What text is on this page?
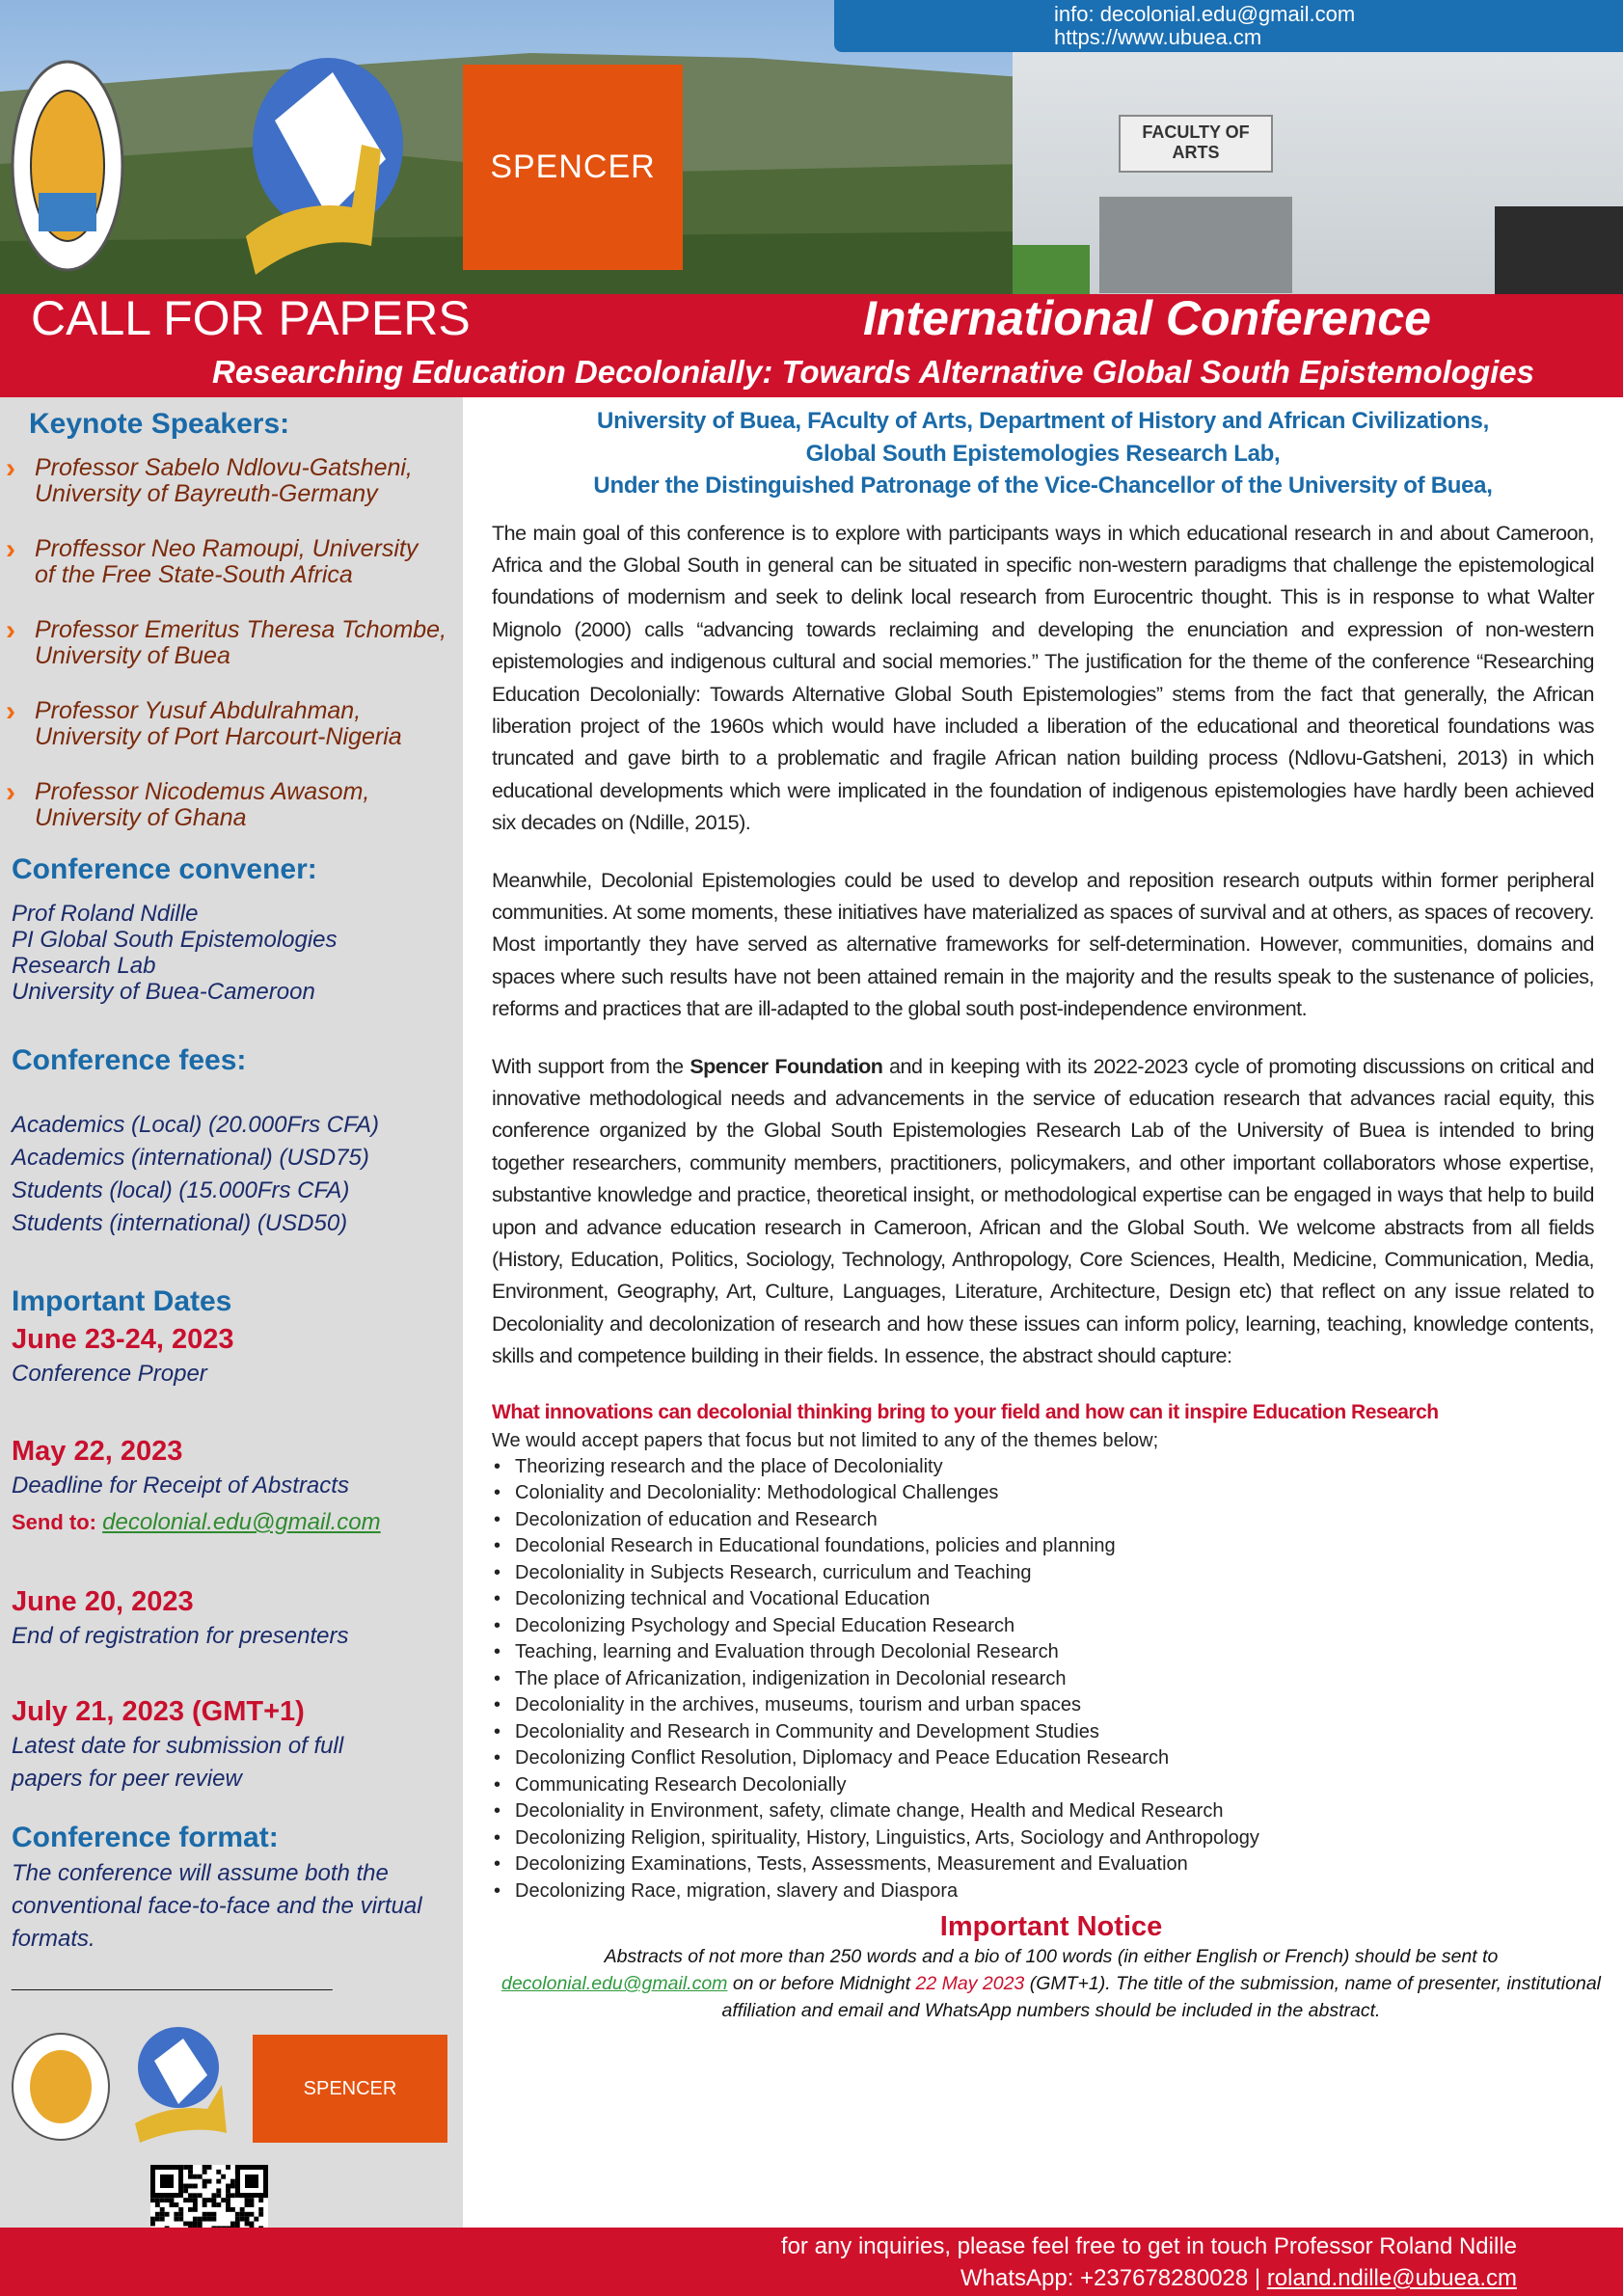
SPENCER
FACULTY OF ARTS
info: decolonial.edu@gmail.com
https://www.ubuea.cm
CALL FOR PAPERS	International Conference
Researching Education Decolonially: Towards Alternative Global South Epistemologies
Keynote Speakers:
› Professor Sabelo Ndlovu-Gatsheni,
University of Bayreuth-Germany
› Proffessor Neo Ramoupi, University
of the Free State-South Africa
› Professor Emeritus Theresa Tchombe,
University of Buea
› Professor Yusuf Abdulrahman,
University of Port Harcourt-Nigeria
› Professor Nicodemus Awasom,
University of Ghana
Conference convener:
Prof Roland Ndille
PI Global South Epistemologies
Research Lab
University of Buea-Cameroon
Conference fees:
Academics (Local) (20.000Frs CFA)
Academics (international) (USD75)
Students (local) (15.000Frs CFA)
Students (international) (USD50)
Important Dates
June 23-24, 2023
Conference Proper
May 22, 2023
Deadline for Receipt of Abstracts
Send to: decolonial.edu@gmail.com
June 20, 2023
End of registration for presenters
July 21, 2023 (GMT+1)
Latest date for submission of full papers for peer review
Conference format:
The conference will assume both the conventional face-to-face and the virtual formats.
_______________________
SPENCER
University of Buea, FAculty of Arts, Department of History and African Civilizations,
Global South Epistemologies Research Lab,
Under the Distinguished Patronage of the Vice-Chancellor of the University of Buea,

The main goal of this conference is to explore with participants ways in which educational research in and about Cameroon, Africa and the Global South in general can be situated in specific non-western paradigms that challenge the epistemological foundations of modernism and seek to delink local research from Eurocentric thought. This is in response to what Walter Mignolo (2000) calls “advancing towards reclaiming and developing the enunciation and expression of non-western epistemologies and indigenous cultural and social memories.” The justification for the theme of the conference “Researching Education Decolonially: Towards Alternative Global South Epistemologies” stems from the fact that generally, the African liberation project of the 1960s which would have included a liberation of the educational and theoretical foundations was truncated and gave birth to a problematic and fragile African nation building process (Ndlovu-Gatsheni, 2013) in which educational developments which were implicated in the foundation of indigenous epistemologies have hardly been achieved six decades on (Ndille, 2015).

Meanwhile, Decolonial Epistemologies could be used to develop and reposition research outputs within former peripheral communities. At some moments, these initiatives have materialized as spaces of survival and at others, as spaces of recovery. Most importantly they have served as alternative frameworks for self-determination. However, communities, domains and spaces where such results have not been attained remain in the majority and the results speak to the sustenance of policies, reforms and practices that are ill-adapted to the global south post-independence environment.

With support from the Spencer Foundation and in keeping with its 2022-2023 cycle of promoting discussions on critical and innovative methodological needs and advancements in the service of education research that advances racial equity, this conference organized by the Global South Epistemologies Research Lab of the University of Buea is intended to bring together researchers, community members, practitioners, policymakers, and other important collaborators whose expertise, substantive knowledge and practice, theoretical insight, or methodological expertise can be engaged in ways that help to build upon and advance education research in Cameroon, African and the Global South. We welcome abstracts from all fields (History, Education, Politics, Sociology, Technology, Anthropology, Core Sciences, Health, Medicine, Communication, Media, Environment, Geography, Art, Culture, Languages, Literature, Architecture, Design etc) that reflect on any issue related to Decoloniality and decolonization of research and how these issues can inform policy, learning, teaching, knowledge contents, skills and competence building in their fields. In essence, the abstract should capture:

What innovations can decolonial thinking bring to your field and how can it inspire Education Research
We would accept papers that focus but not limited to any of the themes below;
• Theorizing research and the place of Decoloniality
• Coloniality and Decoloniality: Methodological Challenges
• Decolonization of education and Research
• Decolonial Research in Educational foundations, policies and planning
• Decoloniality in Subjects Research, curriculum and Teaching
• Decolonizing technical and Vocational Education
• Decolonizing Psychology and Special Education Research
• Teaching, learning and Evaluation through Decolonial Research
• The place of Africanization, indigenization in Decolonial research
• Decoloniality in the archives, museums, tourism and urban spaces
• Decoloniality and Research in Community and Development Studies
• Decolonizing Conflict Resolution, Diplomacy and Peace Education Research
• Communicating Research Decolonially
• Decoloniality in Environment, safety, climate change, Health and Medical Research
• Decolonizing Religion, spirituality, History, Linguistics, Arts, Sociology and Anthropology
• Decolonizing Examinations, Tests, Assessments, Measurement and Evaluation
• Decolonizing Race, migration, slavery and Diaspora
Important Notice
Abstracts of not more than 250 words and a bio of 100 words (in either English or French) should be sent to
decolonial.edu@gmail.com on or before Midnight 22 May 2023 (GMT+1). The title of the submission, name of presenter, institutional affiliation and email and WhatsApp numbers should be included in the abstract.
for any inquiries, please feel free to get in touch Professor Roland Ndille
WhatsApp: +237678280028 | roland.ndille@ubuea.cm
